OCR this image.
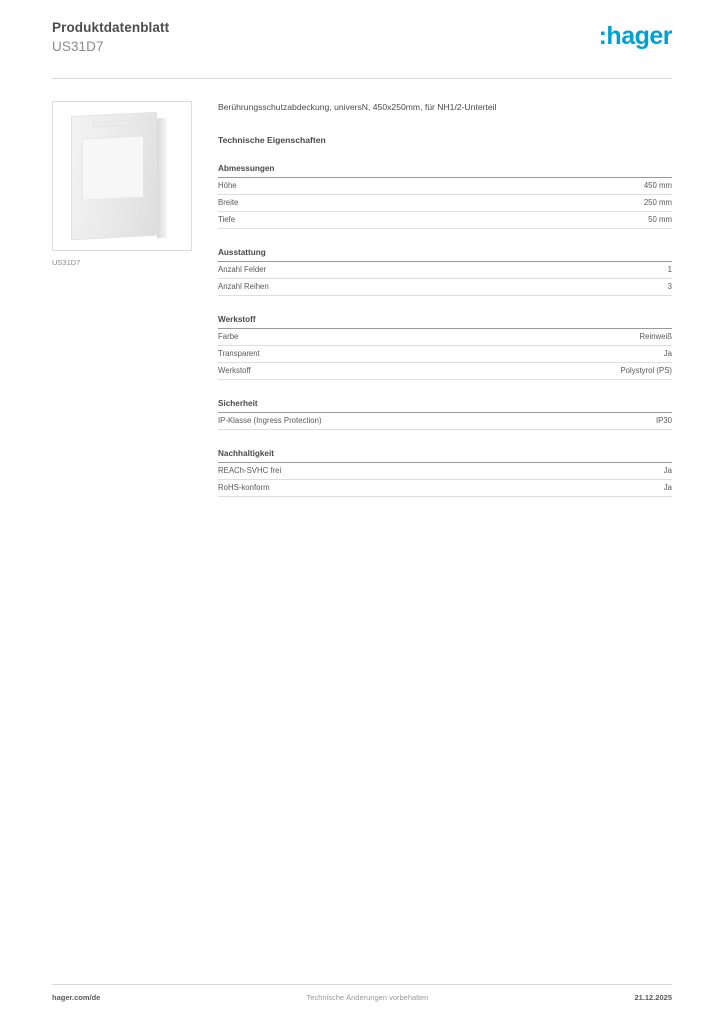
Produktdatenblatt
US31D7	:hager
US31D7
Berührungsschutzabdeckung, universN, 450x250mm, für NH1/2-Unterteil
Technische Eigenschaften
Abmessungen
Höhe	450 mm
Breite	250 mm
Tiefe	50 mm
Ausstattung
Anzahl Felder	1
Anzahl Reihen	3
Werkstoff
Farbe	Reinweiß
Transparent	Ja
Werkstoff	Polystyrol (PS)
Sicherheit
IP-Klasse (Ingress Protection)	IP30
Nachhaltigkeit
REACh-SVHC frei	Ja
RoHS-konform	Ja
hager.com/de	Technische Änderungen vorbehalten	21.12.2025
